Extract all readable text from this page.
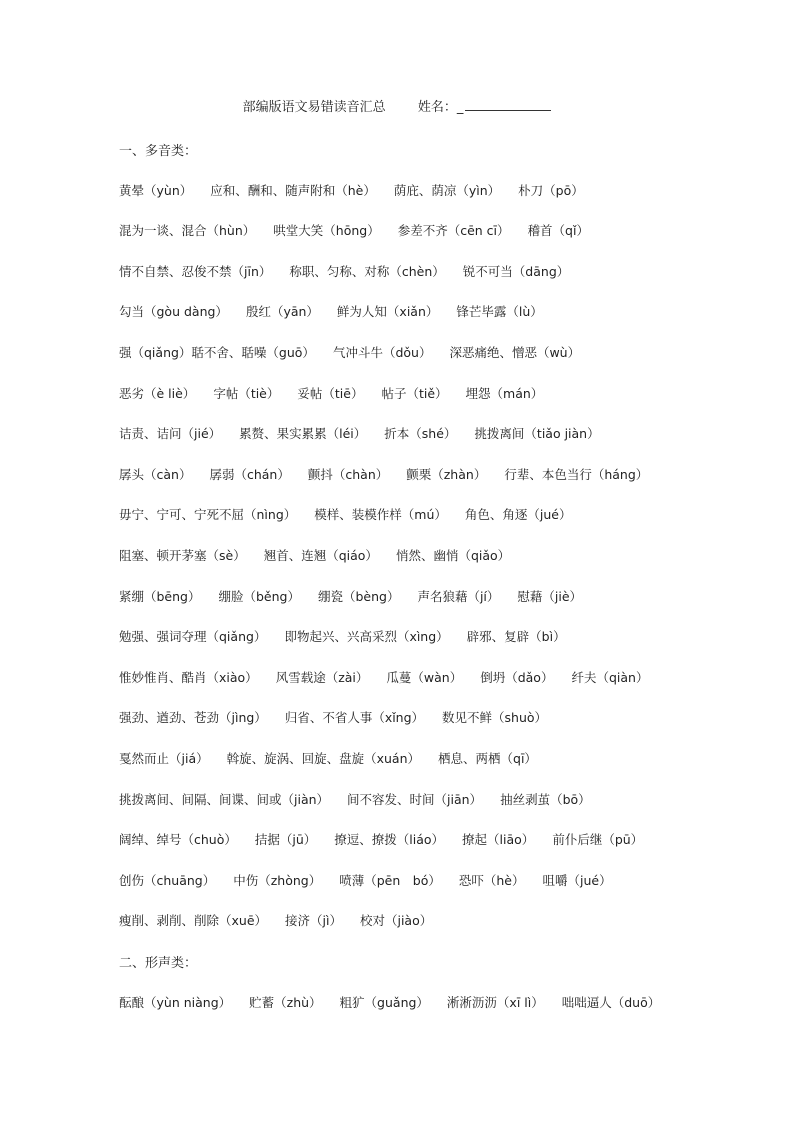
部编版语文易错读音汇总 姓名：_
一、多音类：
黄晕（yùn） 应和、酬和、随声附和（hè） 荫庇、荫凉（yìn） 朴刀（pō）
混为一谈、混合（hùn） 哄堂大笑（hōng） 参差不齐（cēn cī） 稽首（qǐ）
情不自禁、忍俊不禁（jīn） 称职、匀称、对称（chèn） 锐不可当（dāng）
勾当（gòu dàng） 殷红（yān） 鲜为人知（xiǎn） 锋芒毕露（lù）
强（qiǎng）聒不舍、聒噪（guō） 气冲斗牛（dǒu） 深恶痛绝、憎恶（wù）
恶劣（è liè） 字帖（tiè） 妥帖（tiē） 帖子（tiě） 埋怨（mán）
诘责、诘问（jié） 累赘、果实累累（léi） 折本（shé） 挑拨离间（tiǎo jiàn）
孱头（càn） 孱弱（chán） 颤抖（chàn） 颤栗（zhàn） 行辈、本色当行（háng）
毋宁、宁可、宁死不屈（nìng） 模样、装模作样（mú） 角色、角逐（jué）
阻塞、顿开茅塞（sè） 翘首、连翘（qiáo） 悄然、幽悄（qiǎo）
紧绷（bēng） 绷脸（běng） 绷瓷（bèng） 声名狼藉（jí） 慰藉（jiè）
勉强、强词夺理（qiǎng） 即物起兴、兴高采烈（xìng） 辟邪、复辟（bì）
惟妙惟肖、酷肖（xiào） 风雪载途（zài） 瓜蔓（wàn） 倒坍（dǎo） 纤夫（qiàn）
强劲、遒劲、苍劲（jìng） 归省、不省人事（xǐng） 数见不鲜（shuò）
戛然而止（jiá） 斡旋、旋涡、回旋、盘旋（xuán） 栖息、两栖（qī）
挑拨离间、间隔、间谍、间或（jiàn） 间不容发、时间（jiān） 抽丝剥茧（bō）
阔绰、绰号（chuò） 拮据（jū） 撩逗、撩拨（liáo） 撩起（liāo） 前仆后继（pū）
创伤（chuāng） 中伤（zhòng） 喷薄（pēn　bó） 恐吓（hè） 咀嚼（jué）
瘦削、剥削、削除（xuē） 接济（jì） 校对（jiào）
二、形声类：
酝酿（yùn niàng） 贮蓄（zhù） 粗犷（guǎng） 淅淅沥沥（xī lì） 咄咄逼人（duō）
